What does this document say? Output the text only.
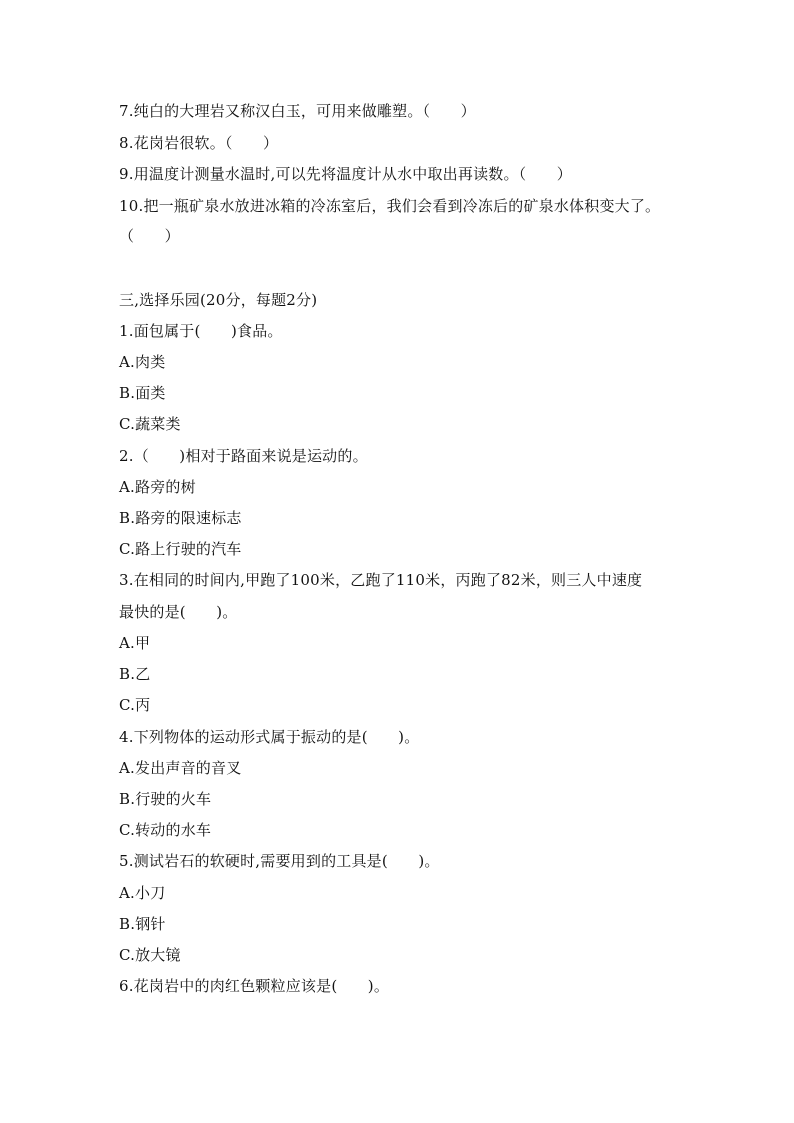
7.纯白的大理岩又称汉白玉，可用来做雕塑。（　　）
8.花岗岩很软。（　　）
9.用温度计测量水温时,可以先将温度计从水中取出再读数。（　　）
10.把一瓶矿泉水放进冰箱的冷冻室后，我们会看到冷冻后的矿泉水体积变大了。
（　　）
三,选择乐园(20分，每题2分)
1.面包属于(　　)食品。
A.肉类
B.面类
C.蔬菜类
2.（　　)相对于路面来说是运动的。
A.路旁的树
B.路旁的限速标志
C.路上行驶的汽车
3.在相同的时间内,甲跑了100米，乙跑了110米，丙跑了82米，则三人中速度
最快的是(　　)。
A.甲
B.乙
C.丙
4.下列物体的运动形式属于振动的是(　　)。
A.发出声音的音叉
B.行驶的火车
C.转动的水车
5.测试岩石的软硬时,需要用到的工具是(　　)。
A.小刀
B.钢针
C.放大镜
6.花岗岩中的肉红色颗粒应该是(　　)。
